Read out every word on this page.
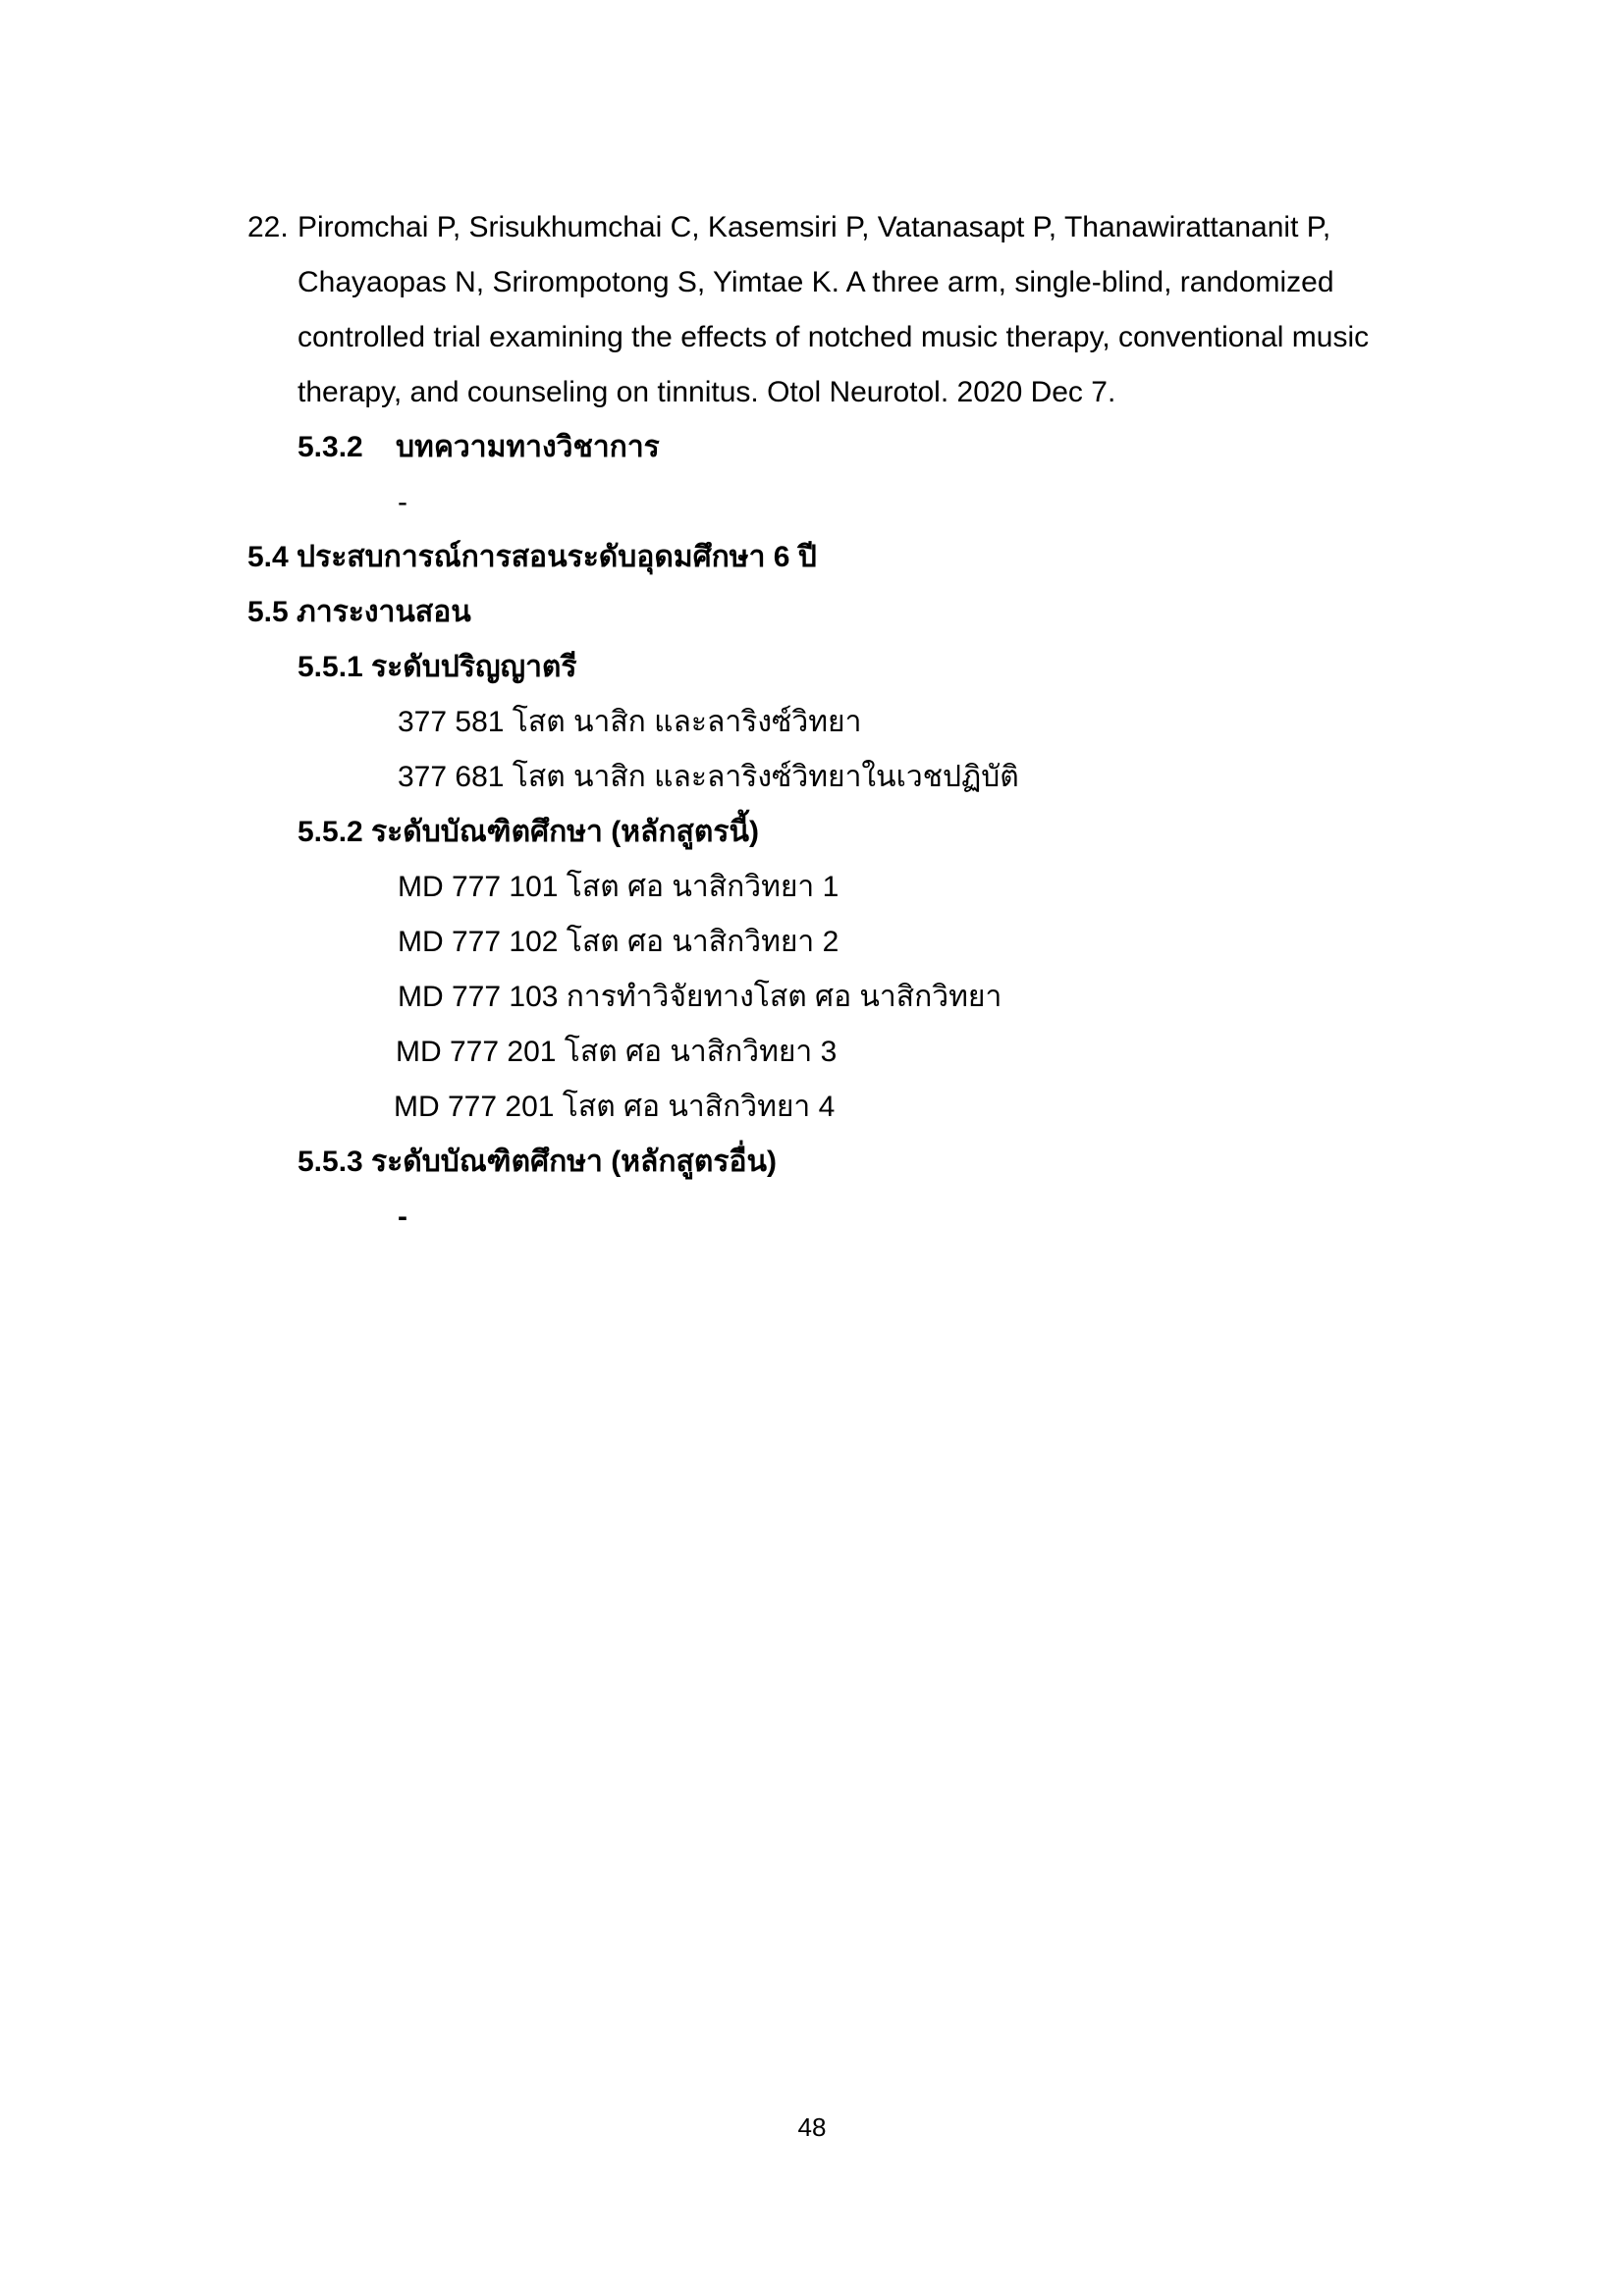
22. Piromchai P, Srisukhumchai C, Kasemsiri P, Vatanasapt P, Thanawirattananit P,
Chayaopas N, Srirompotong S, Yimtae K. A three arm, single-blind, randomized
controlled trial examining the effects of notched music therapy, conventional music
therapy, and counseling on tinnitus. Otol Neurotol. 2020 Dec 7.
5.3.2 บทความทางวิชาการ
-
5.4 ประสบการณ์การสอนระดับอุดมศึกษา 6 ปี
5.5 ภาระงานสอน
5.5.1 ระดับปริญญาตรี
377 581 โสต นาสิก และลาริงซ์วิทยา
377 681 โสต นาสิก และลาริงซ์วิทยาในเวชปฏิบัติ
5.5.2 ระดับบัณฑิตศึกษา (หลักสูตรนี้)
MD 777 101 โสต ศอ นาสิกวิทยา 1
MD 777 102 โสต ศอ นาสิกวิทยา 2
MD 777 103 การทำวิจัยทางโสต ศอ นาสิกวิทยา
MD 777 201 โสต ศอ นาสิกวิทยา 3
MD 777 201 โสต ศอ นาสิกวิทยา 4
5.5.3 ระดับบัณฑิตศึกษา (หลักสูตรอื่น)
-
48
